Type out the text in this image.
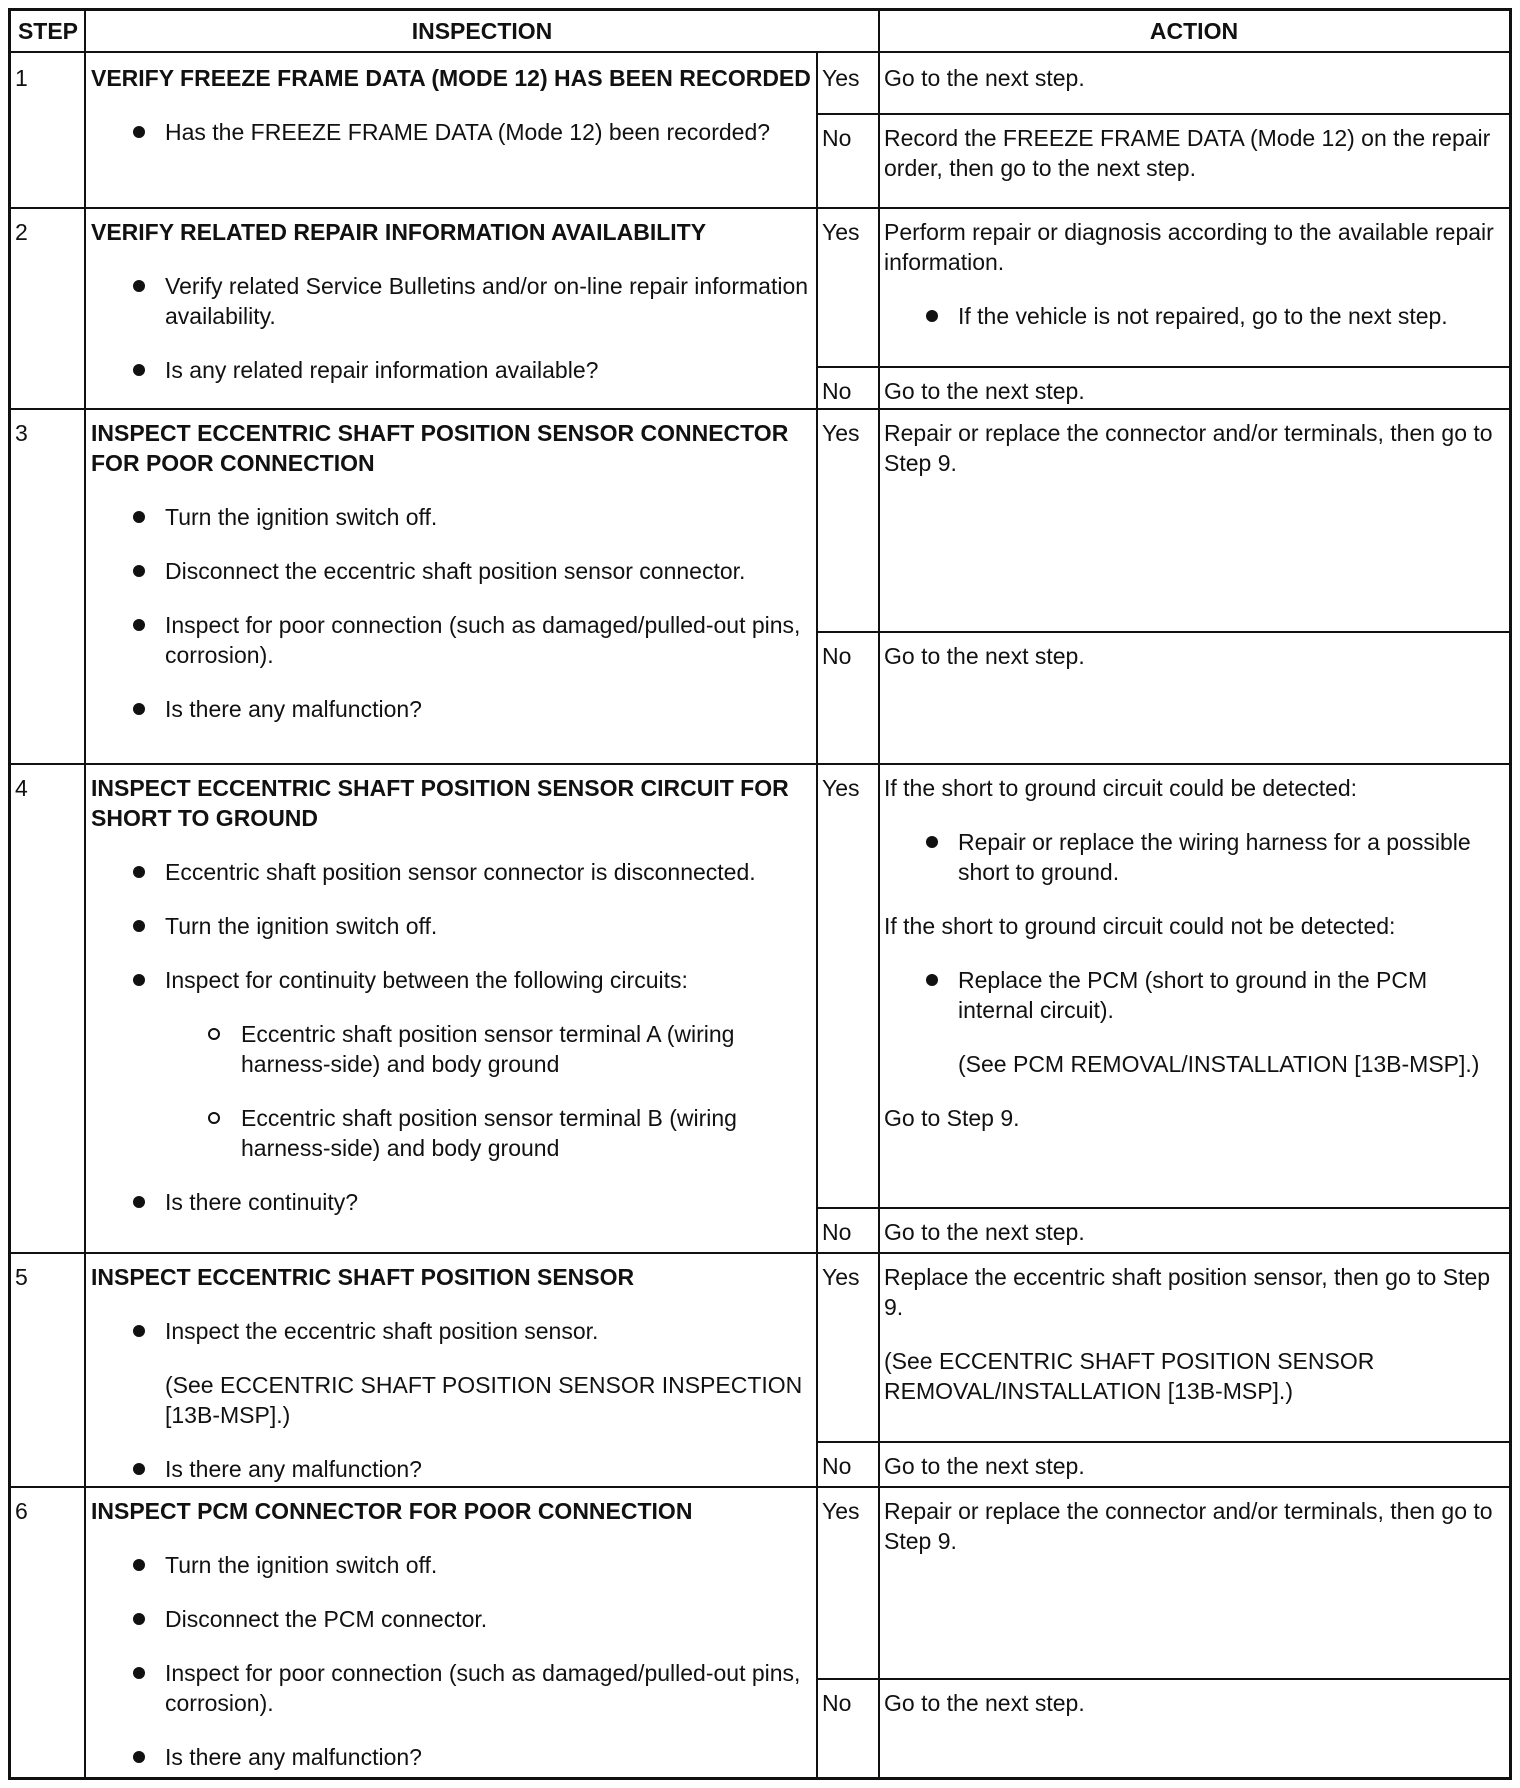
STEP	INSPECTION	ACTION
1	VERIFY FREEZE FRAME DATA (MODE 12) HAS BEEN RECORDED
Has the FREEZE FRAME DATA (Mode 12) been recorded?
Yes	Go to the next step.
No	Record the FREEZE FRAME DATA (Mode 12) on the repair order, then go to the next step.
2	VERIFY RELATED REPAIR INFORMATION AVAILABILITY
Verify related Service Bulletins and/or on-line repair information availability.
Is any related repair information available?
Yes	Perform repair or diagnosis according to the available repair information.
If the vehicle is not repaired, go to the next step.
No	Go to the next step.
3	INSPECT ECCENTRIC SHAFT POSITION SENSOR CONNECTOR FOR POOR CONNECTION
Turn the ignition switch off.
Disconnect the eccentric shaft position sensor connector.
Inspect for poor connection (such as damaged/pulled-out pins, corrosion).
Is there any malfunction?
Yes	Repair or replace the connector and/or terminals, then go to Step 9.
No	Go to the next step.
4	INSPECT ECCENTRIC SHAFT POSITION SENSOR CIRCUIT FOR SHORT TO GROUND
Eccentric shaft position sensor connector is disconnected.
Turn the ignition switch off.
Inspect for continuity between the following circuits:
Eccentric shaft position sensor terminal A (wiring harness-side) and body ground
Eccentric shaft position sensor terminal B (wiring harness-side) and body ground
Is there continuity?
Yes	If the short to ground circuit could be detected:
Repair or replace the wiring harness for a possible short to ground.
If the short to ground circuit could not be detected:
Replace the PCM (short to ground in the PCM internal circuit).
(See PCM REMOVAL/INSTALLATION [13B-MSP].)
Go to Step 9.
No	Go to the next step.
5	INSPECT ECCENTRIC SHAFT POSITION SENSOR
Inspect the eccentric shaft position sensor.
(See ECCENTRIC SHAFT POSITION SENSOR INSPECTION [13B-MSP].)
Is there any malfunction?
Yes	Replace the eccentric shaft position sensor, then go to Step 9.
(See ECCENTRIC SHAFT POSITION SENSOR REMOVAL/INSTALLATION [13B-MSP].)
No	Go to the next step.
6	INSPECT PCM CONNECTOR FOR POOR CONNECTION
Turn the ignition switch off.
Disconnect the PCM connector.
Inspect for poor connection (such as damaged/pulled-out pins, corrosion).
Is there any malfunction?
Yes	Repair or replace the connector and/or terminals, then go to Step 9.
No	Go to the next step.
